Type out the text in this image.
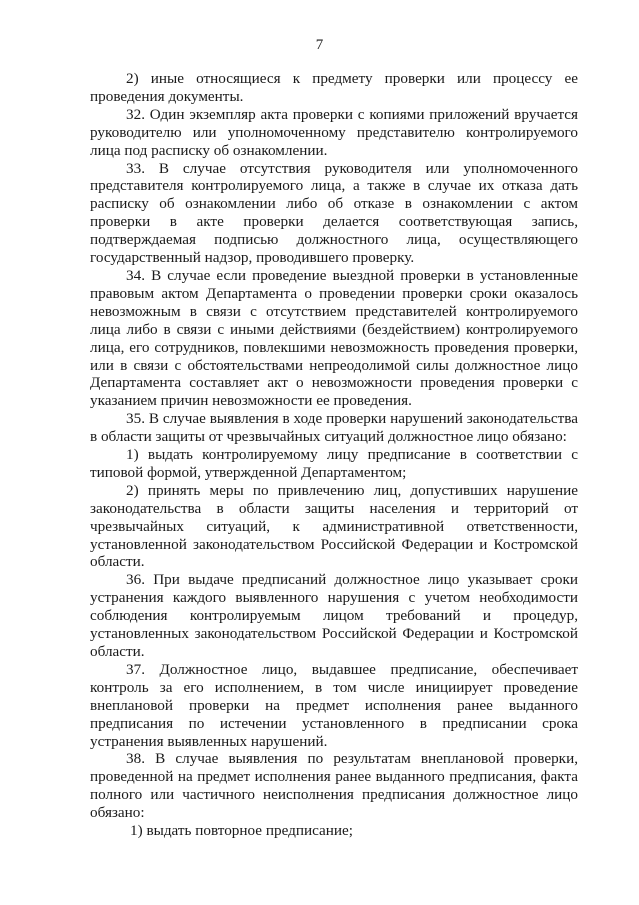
7

2) иные относящиеся к предмету проверки или процессу ее проведения документы.

32. Один экземпляр акта проверки с копиями приложений вручается руководителю или уполномоченному представителю контролируемого лица под расписку об ознакомлении.

33. В случае отсутствия руководителя или уполномоченного представителя контролируемого лица, а также в случае их отказа дать расписку об ознакомлении либо об отказе в ознакомлении с актом проверки в акте проверки делается соответствующая запись, подтверждаемая подписью должностного лица, осуществляющего государственный надзор, проводившего проверку.

34. В случае если проведение выездной проверки в установленные правовым актом Департамента о проведении проверки сроки оказалось невозможным в связи с отсутствием представителей контролируемого лица либо в связи с иными действиями (бездействием) контролируемого лица, его сотрудников, повлекшими невозможность проведения проверки, или в связи с обстоятельствами непреодолимой силы должностное лицо Департамента составляет акт о невозможности проведения проверки с указанием причин невозможности ее проведения.

35. В случае выявления в ходе проверки нарушений законодательства в области защиты от чрезвычайных ситуаций должностное лицо обязано:

1) выдать контролируемому лицу предписание в соответствии с типовой формой, утвержденной Департаментом;

2) принять меры по привлечению лиц, допустивших нарушение законодательства в области защиты населения и территорий от чрезвычайных ситуаций, к административной ответственности, установленной законодательством Российской Федерации и Костромской области.

36. При выдаче предписаний должностное лицо указывает сроки устранения каждого выявленного нарушения с учетом необходимости соблюдения контролируемым лицом требований и процедур, установленных законодательством Российской Федерации и Костромской области.

37. Должностное лицо, выдавшее предписание, обеспечивает контроль за его исполнением, в том числе инициирует проведение внеплановой проверки на предмет исполнения ранее выданного предписания по истечении установленного в предписании срока устранения выявленных нарушений.

38. В случае выявления по результатам внеплановой проверки, проведенной на предмет исполнения ранее выданного предписания, факта полного или частичного неисполнения предписания должностное лицо обязано:

1) выдать повторное предписание;
